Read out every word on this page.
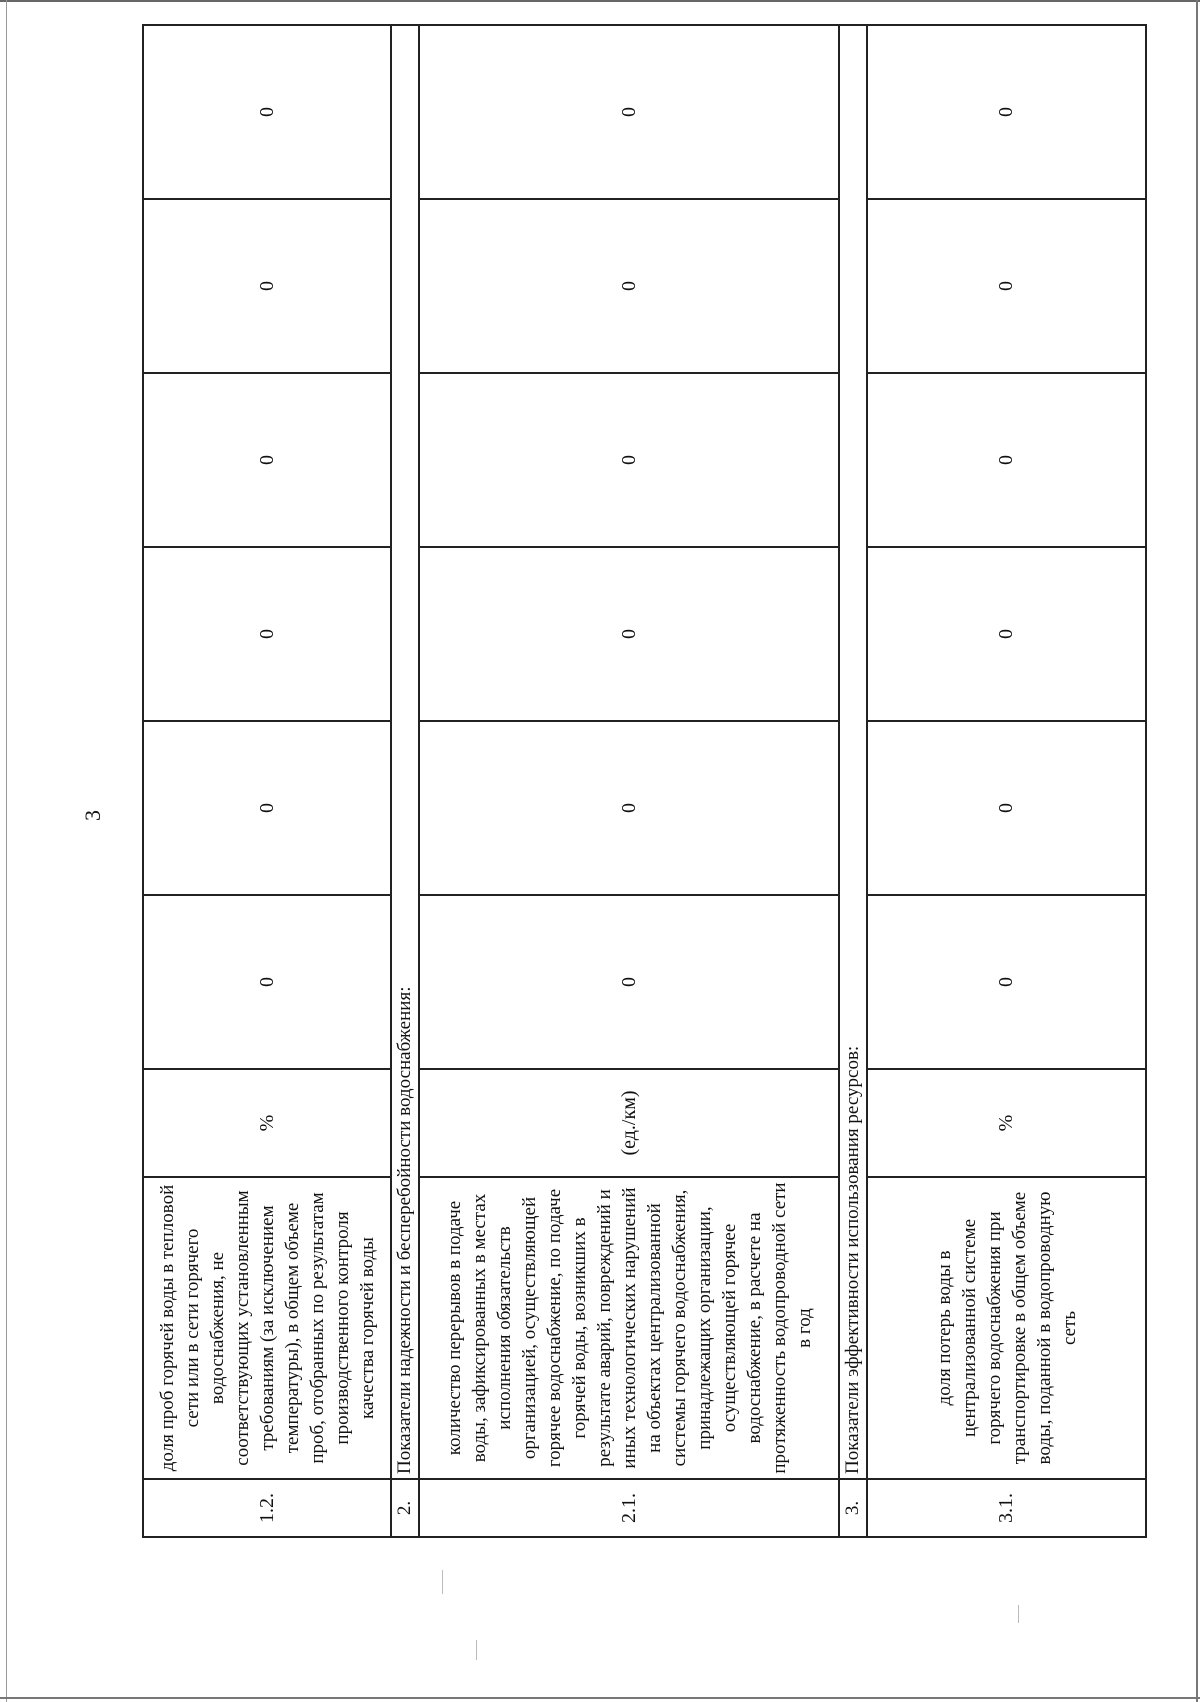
3
1.2.	доля проб горячей воды в тепловой сети или в сети горячего водоснабжения, не соответствующих установленным требованиям (за исключением температуры), в общем объеме проб, отобранных по результатам производственного контроля качества горячей воды	%	0	0	0	0	0	0
2.	Показатели надежности и бесперебойности водоснабжения:							
2.1.	количество перерывов в подаче воды, зафиксированных в местах исполнения обязательств организацией, осуществляющей горячее водоснабжение, по подаче горячей воды, возникших в результате аварий, повреждений и иных технологических нарушений на объектах централизованной системы горячего водоснабжения, принадлежащих организации, осуществляющей горячее водоснабжение, в расчете на протяженность водопроводной сети в год	(ед./км)	0	0	0	0	0	0
3.	Показатели эффективности использования ресурсов:							
3.1.	доля потерь воды в централизованной системе горячего водоснабжения при транспортировке в общем объеме воды, поданной в водопроводную сеть	%	0	0	0	0	0	0
